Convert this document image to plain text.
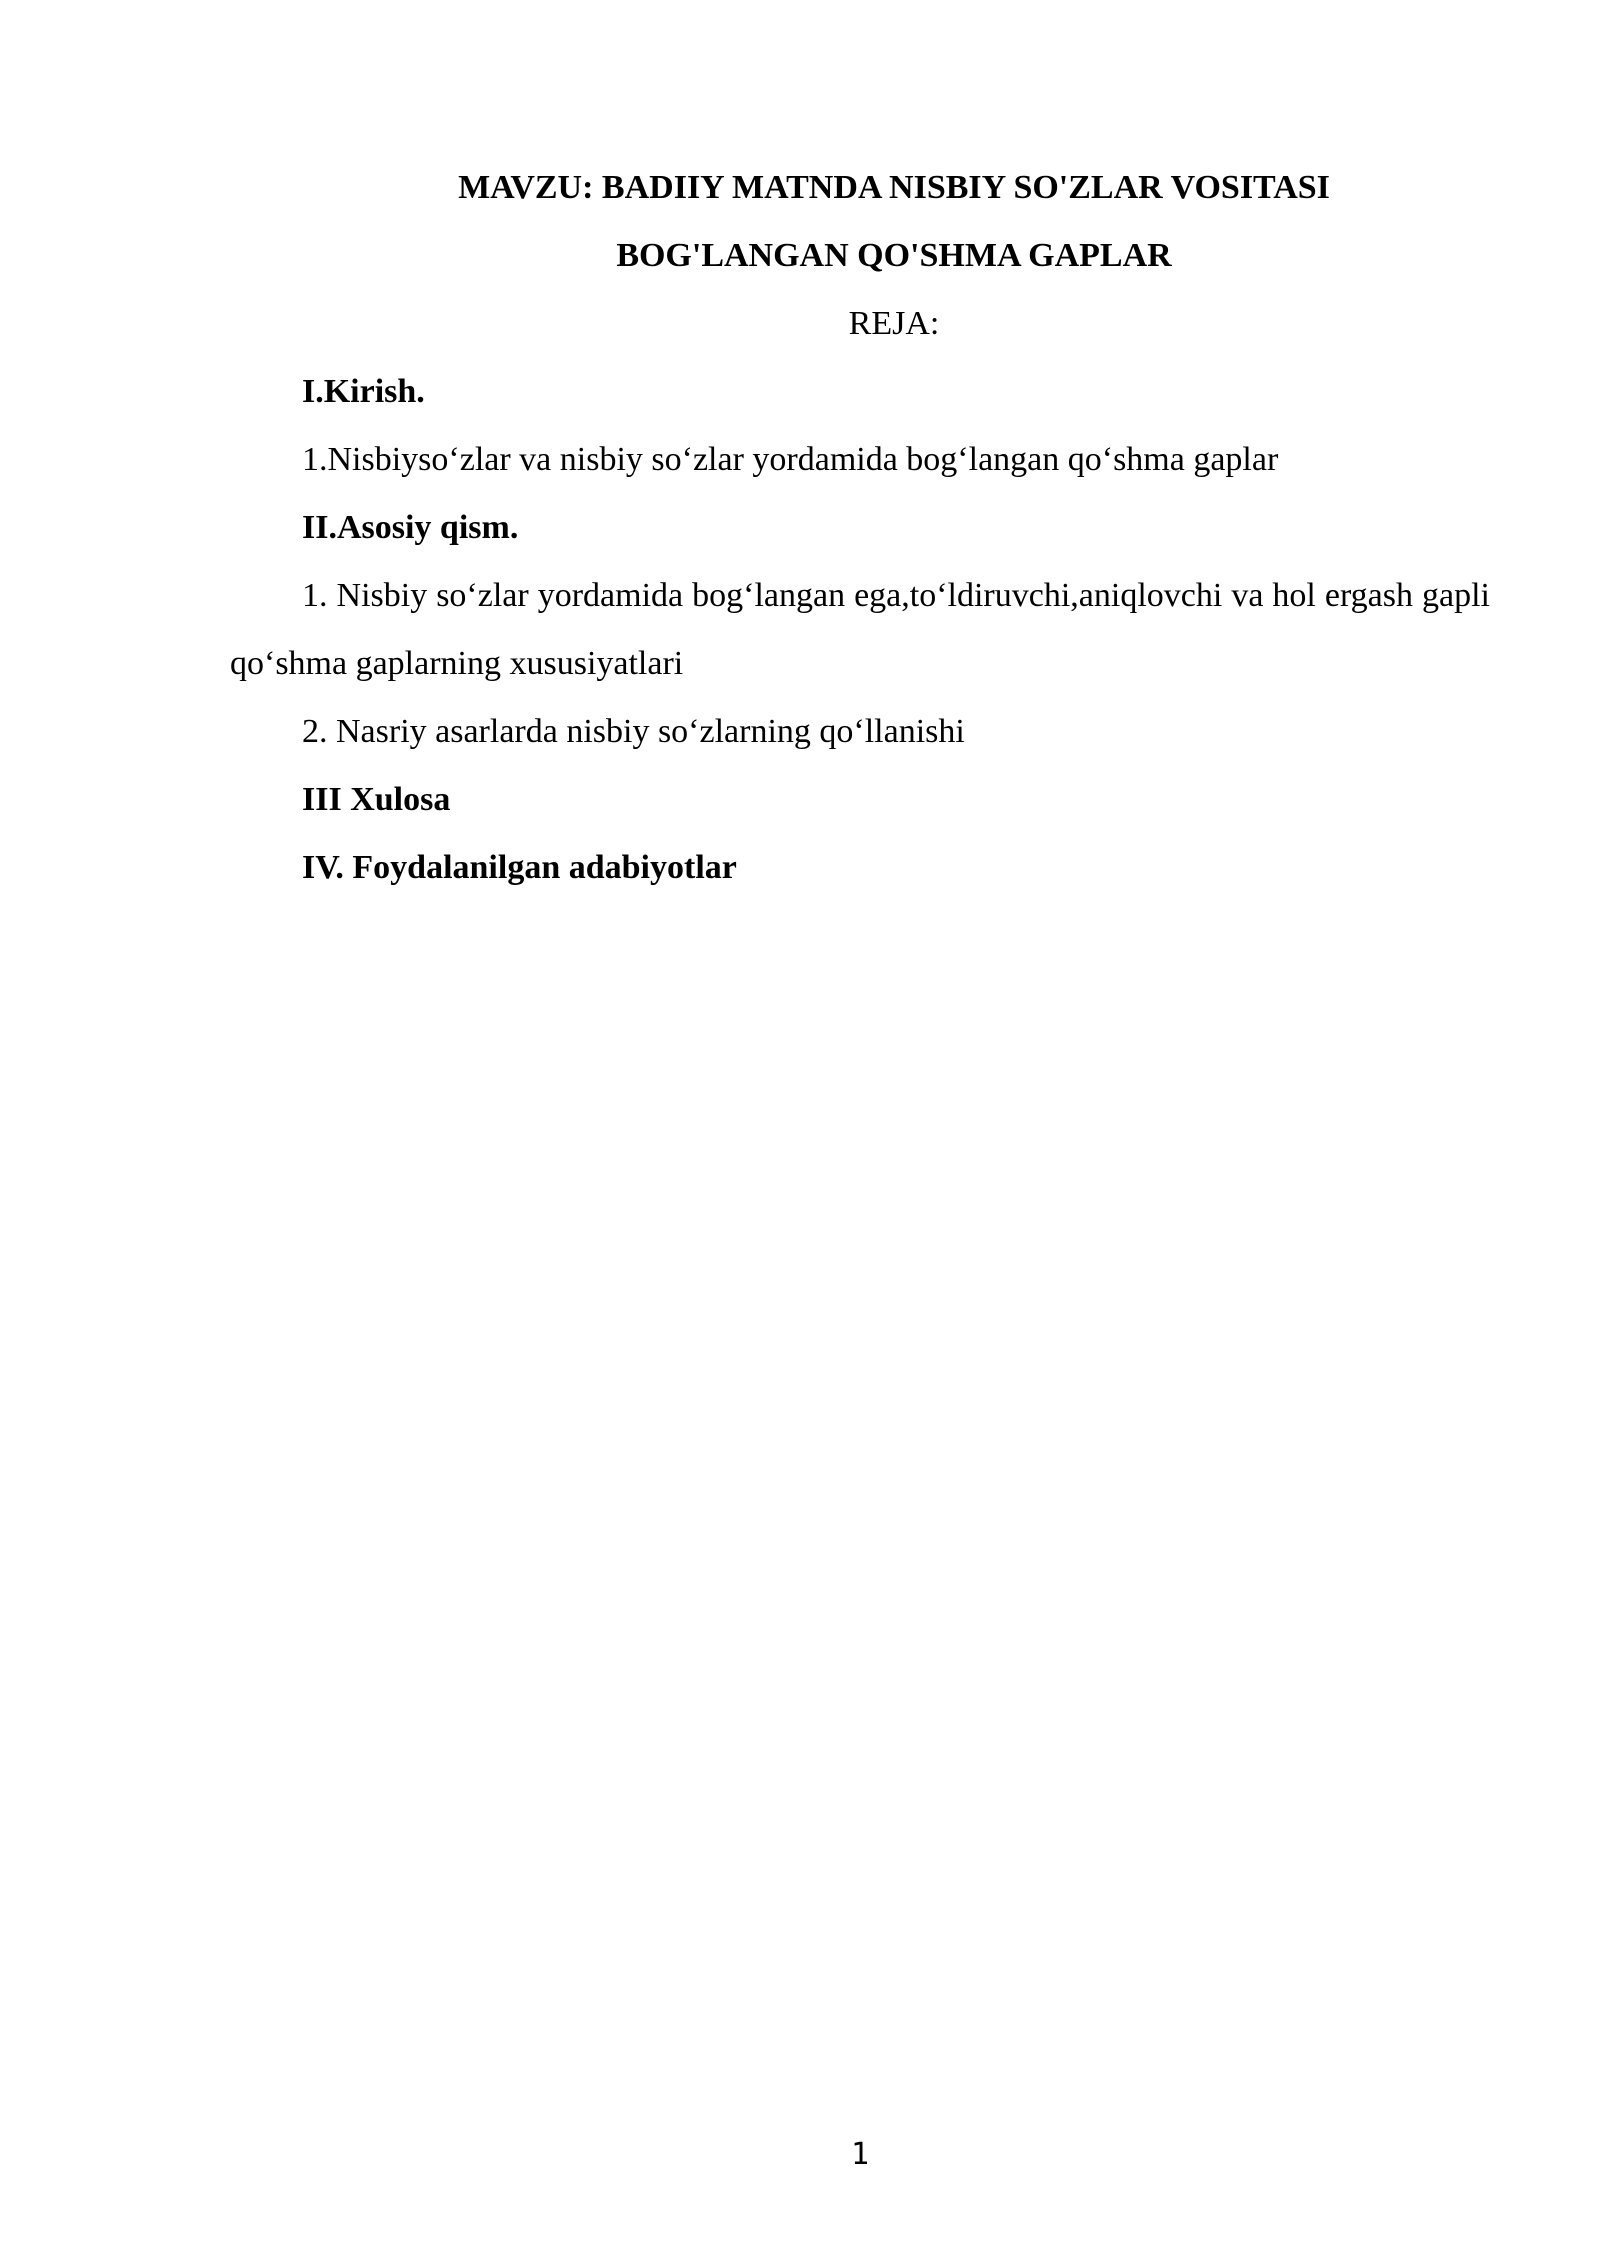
MAVZU: BADIIY MATNDA NISBIY SO'ZLAR VOSITASI

BOG'LANGAN QO'SHMA GAPLAR

REJA:

I.Kirish.

1.Nisbiyso‘zlar va nisbiy so‘zlar yordamida bog‘langan qo‘shma gaplar

II.Asosiy qism.

1. Nisbiy so‘zlar yordamida bog‘langan ega,to‘ldiruvchi,aniqlovchi va hol ergash gapli qo‘shma gaplarning xususiyatlari

2. Nasriy asarlarda nisbiy so‘zlarning qo‘llanishi

III Xulosa

IV. Foydalanilgan adabiyotlar

1
